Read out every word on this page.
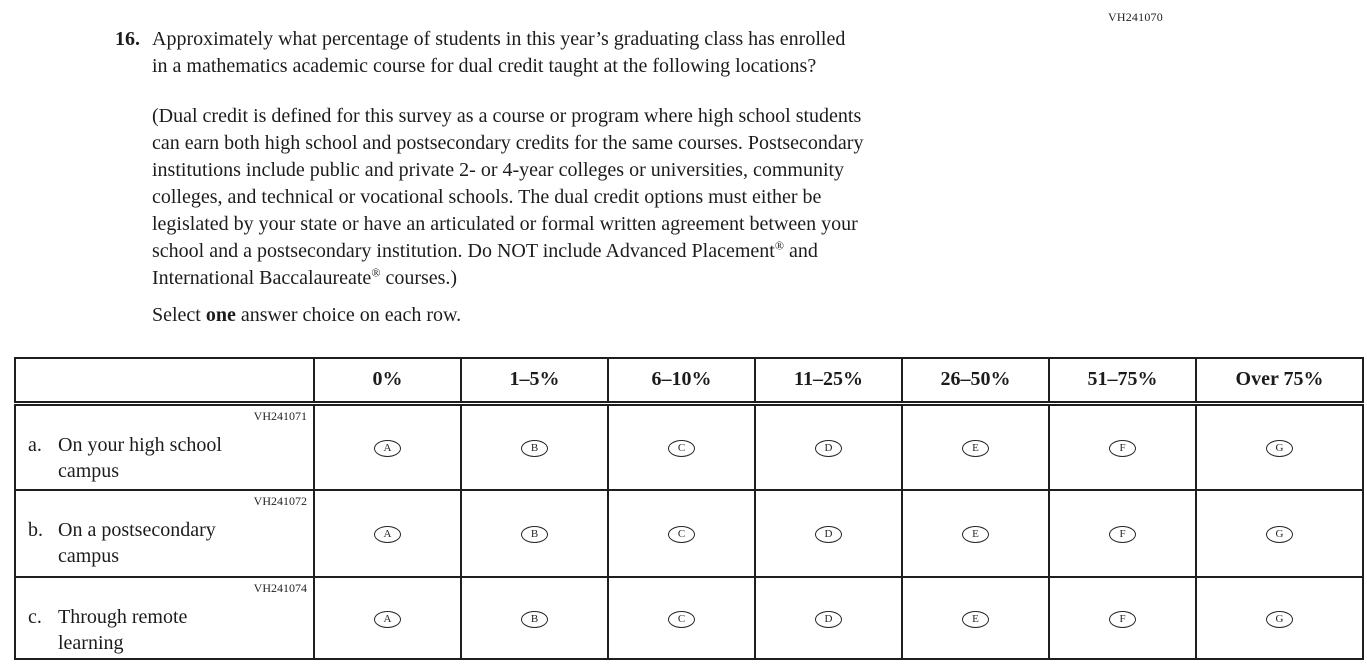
VH241070
16. Approximately what percentage of students in this year’s graduating class has enrolled
in a mathematics academic course for dual credit taught at the following locations?
(Dual credit is defined for this survey as a course or program where high school students
can earn both high school and postsecondary credits for the same courses. Postsecondary
institutions include public and private 2- or 4-year colleges or universities, community
colleges, and technical or vocational schools. The dual credit options must either be
legislated by your state or have an articulated or formal written agreement between your
school and a postsecondary institution. Do NOT include Advanced Placement® and
International Baccalaureate® courses.)
Select one answer choice on each row.
	0%	1–5%	6–10%	11–25%	26–50%	51–75%	Over 75%

VH241071
a. On your high school
campus	A	B	C	D	E	F	G

VH241072
b. On a postsecondary
campus	A	B	C	D	E	F	G

VH241074
c. Through remote
learning	A	B	C	D	E	F	G
